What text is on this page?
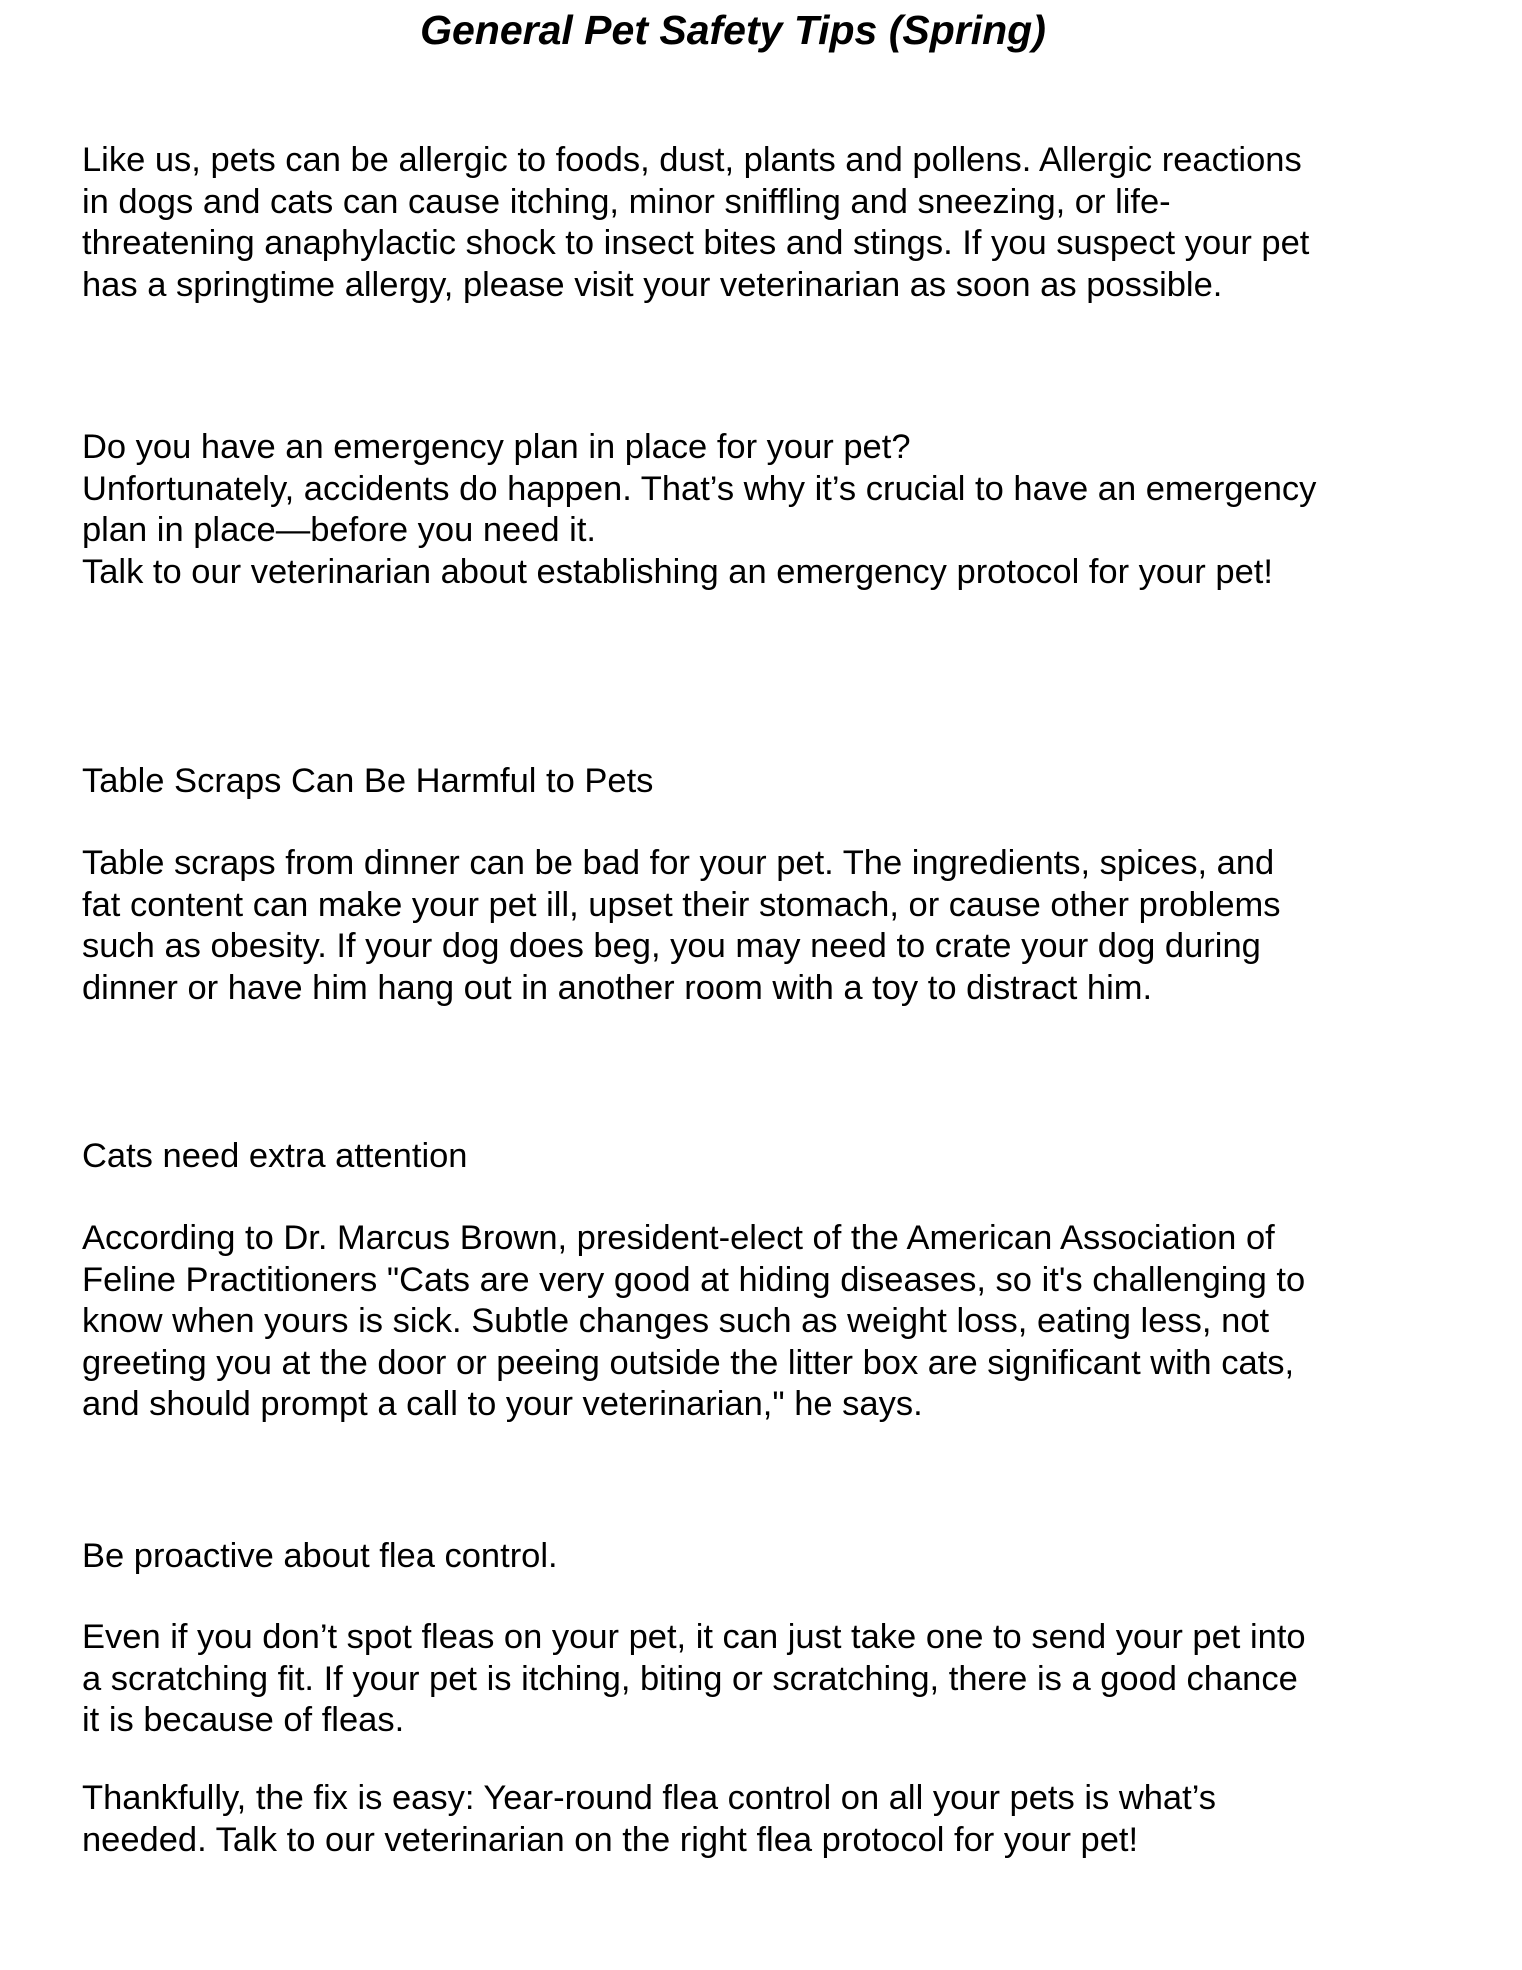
General Pet Safety Tips (Spring)

Like us, pets can be allergic to foods, dust, plants and pollens. Allergic reactions
in dogs and cats can cause itching, minor sniffling and sneezing, or life-
threatening anaphylactic shock to insect bites and stings. If you suspect your pet
has a springtime allergy, please visit your veterinarian as soon as possible.

Do you have an emergency plan in place for your pet?
Unfortunately, accidents do happen. That’s why it’s crucial to have an emergency
plan in place—before you need it.
Talk to our veterinarian about establishing an emergency protocol for your pet!

Table Scraps Can Be Harmful to Pets

Table scraps from dinner can be bad for your pet. The ingredients, spices, and
fat content can make your pet ill, upset their stomach, or cause other problems
such as obesity. If your dog does beg, you may need to crate your dog during
dinner or have him hang out in another room with a toy to distract him.

Cats need extra attention

According to Dr. Marcus Brown, president-elect of the American Association of
Feline Practitioners "Cats are very good at hiding diseases, so it's challenging to
know when yours is sick. Subtle changes such as weight loss, eating less, not
greeting you at the door or peeing outside the litter box are significant with cats,
and should prompt a call to your veterinarian," he says.

Be proactive about flea control.

Even if you don’t spot fleas on your pet, it can just take one to send your pet into
a scratching fit. If your pet is itching, biting or scratching, there is a good chance
it is because of fleas.

Thankfully, the fix is easy: Year-round flea control on all your pets is what’s
needed. Talk to our veterinarian on the right flea protocol for your pet!
